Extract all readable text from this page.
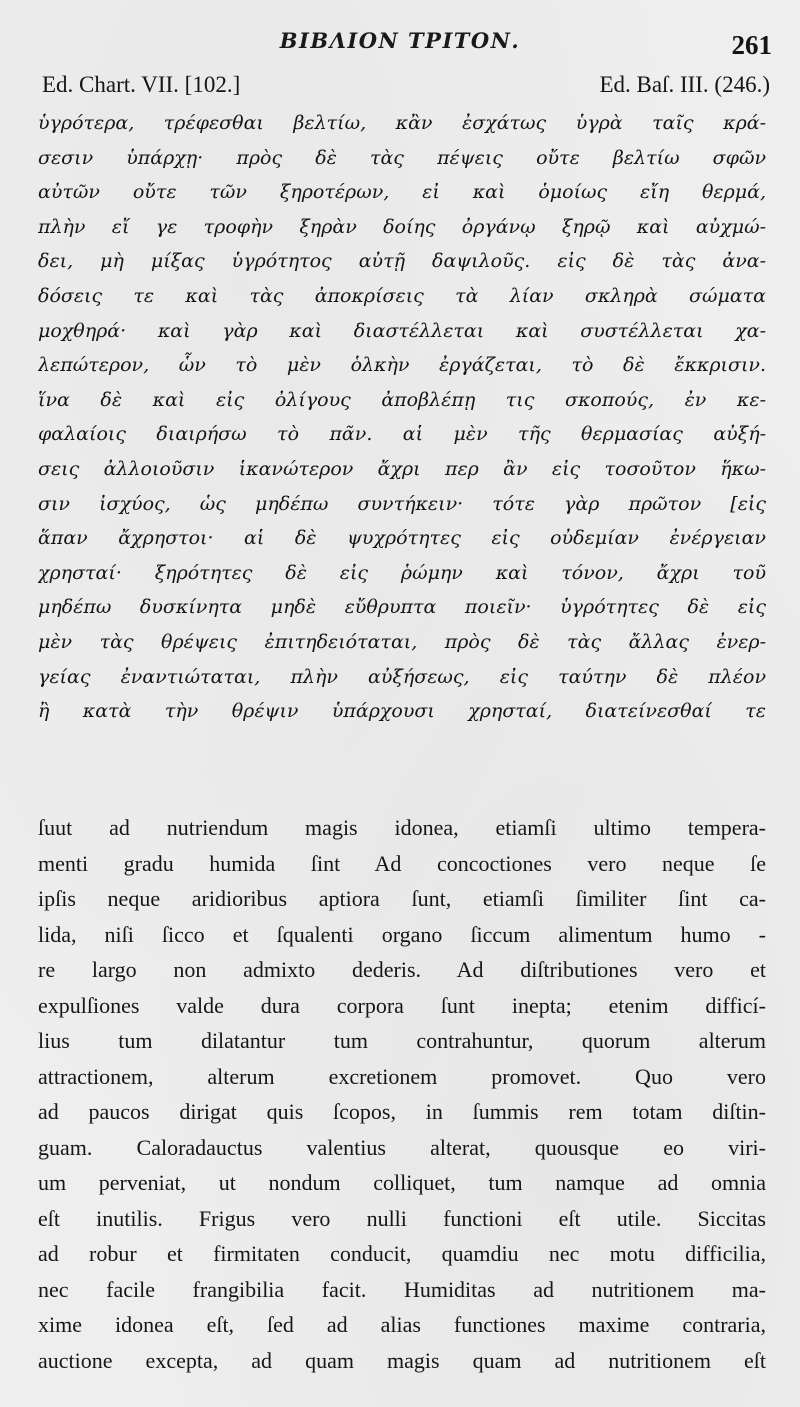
ΒΙΒΛΙΟΝ ΤΡΙΤΟΝ.	261
Ed. Chart. VII. [102.]	Ed. Baſ. III. (246.)
ὑγρότερα, τρέφεσθαι βελτίω, κἂν ἐσχάτως ὑγρὰ ταῖς κρά-
σεσιν ὑπάρχῃ· πρὸς δὲ τὰς πέψεις οὔτε βελτίω σφῶν
αὐτῶν οὔτε τῶν ξηροτέρων, εἰ καὶ ὁμοίως εἴη θερμά,
πλὴν εἴ γε τροφὴν ξηρὰν δοίης ὀργάνῳ ξηρῷ καὶ αὐχμώ-
δει, μὴ μίξας ὑγρότητος αὐτῇ δαψιλοῦς. εἰς δὲ τὰς ἀνα-
δόσεις τε καὶ τὰς ἀποκρίσεις τὰ λίαν σκληρὰ σώματα
μοχθηρά· καὶ γὰρ καὶ διαστέλλεται καὶ συστέλλεται χα-
λεπώτερον, ὧν τὸ μὲν ὁλκὴν ἐργάζεται, τὸ δὲ ἔκκρισιν.
ἵνα δὲ καὶ εἰς ὀλίγους ἀποβλέπῃ τις σκοπούς, ἐν κε-
φαλαίοις διαιρήσω τὸ πᾶν. αἱ μὲν τῆς θερμασίας αὐξή-
σεις ἀλλοιοῦσιν ἱκανώτερον ἄχρι περ ἂν εἰς τοσοῦτον ἥκω-
σιν ἰσχύος, ὡς μηδέπω συντήκειν· τότε γὰρ πρῶτον [εἰς
ἅπαν ἄχρηστοι· αἱ δὲ ψυχρότητες εἰς οὐδεμίαν ἐνέργειαν
χρησταί· ξηρότητες δὲ εἰς ῥώμην καὶ τόνον, ἄχρι τοῦ
μηδέπω δυσκίνητα μηδὲ εὔθρυπτα ποιεῖν· ὑγρότητες δὲ εἰς
μὲν τὰς θρέψεις ἐπιτηδειόταται, πρὸς δὲ τὰς ἄλλας ἐνερ-
γείας ἐναντιώταται, πλὴν αὐξήσεως, εἰς ταύτην δὲ πλέον
ἢ κατὰ τὴν θρέψιν ὑπάρχουσι χρησταί, διατείνεσθαί τε
ſuut ad nutriendum magis idonea, etiamſi ultimo tempera-
menti gradu humida ſint Ad concoctiones vero neque ſe
ipſis neque aridioribus aptiora ſunt, etiamſi ſimiliter ſint ca-
lida, niſi ſicco et ſqualenti organo ſiccum alimentum humo -
re largo non admixto dederis. Ad diſtributiones vero et
expulſiones valde dura corpora ſunt inepta; etenim difficí-
lius tum dilatantur tum contrahuntur, quorum alterum
attractionem, alterum excretionem promovet. Quo vero
ad paucos dirigat quis ſcopos, in ſummis rem totam diſtin-
guam. Caloradauctus valentius alterat, quousque eo viri-
um perveniat, ut nondum colliquet, tum namque ad omnia
eſt inutilis. Frigus vero nulli functioni eſt utile. Siccitas
ad robur et firmitaten conducit, quamdiu nec motu difficilia,
nec facile frangibilia facit. Humiditas ad nutritionem ma-
xime idonea eſt, ſed ad alias functiones maxime contraria,
auctione excepta, ad quam magis quam ad nutritionem eſt
